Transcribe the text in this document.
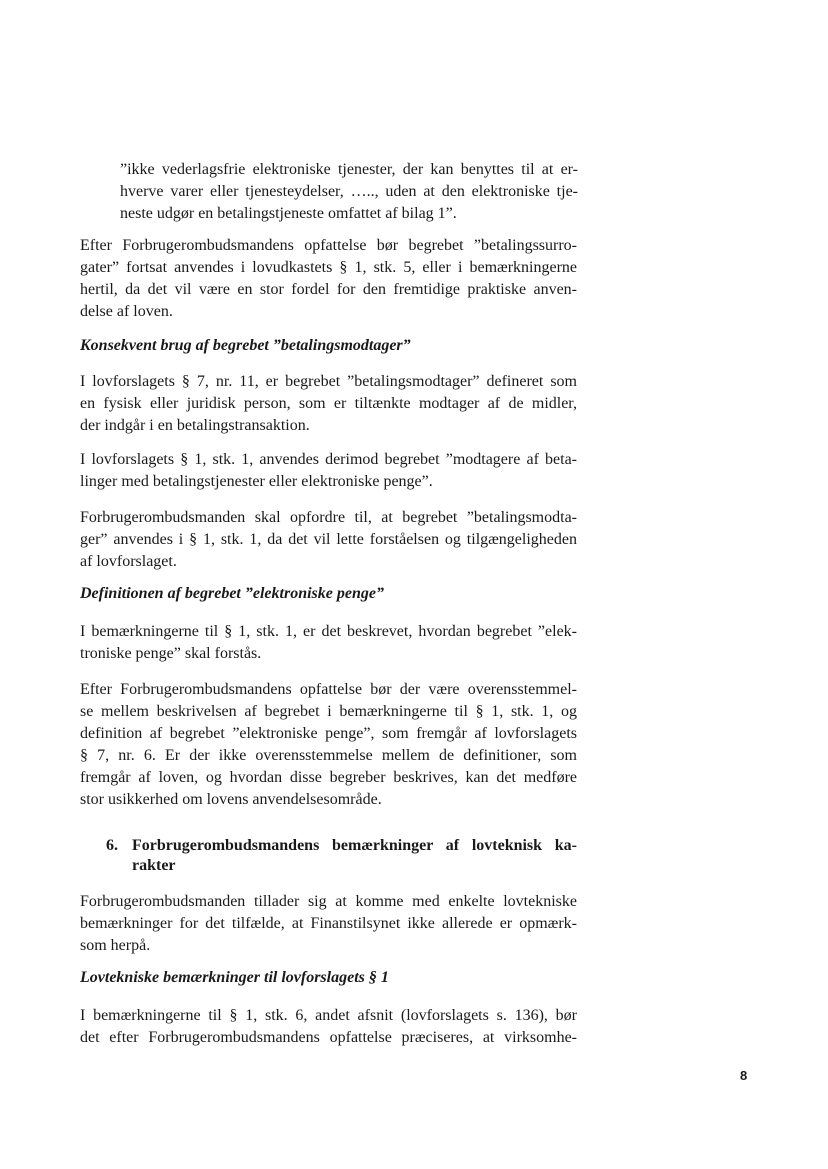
”ikke vederlagsfrie elektroniske tjenester, der kan benyttes til at er-
hverve varer eller tjenesteydelser, ….., uden at den elektroniske tje-
neste udgør en betalingstjeneste omfattet af bilag 1”.
Efter Forbrugerombudsmandens opfattelse bør begrebet ”betalingssurro-
gater” fortsat anvendes i lovudkastets § 1, stk. 5, eller i bemærkningerne
hertil, da det vil være en stor fordel for den fremtidige praktiske anven-
delse af loven.
Konsekvent brug af begrebet ”betalingsmodtager”
I lovforslagets § 7, nr. 11, er begrebet ”betalingsmodtager” defineret som
en fysisk eller juridisk person, som er tiltænkte modtager af de midler,
der indgår i en betalingstransaktion.
I lovforslagets § 1, stk. 1, anvendes derimod begrebet ”modtagere af beta-
linger med betalingstjenester eller elektroniske penge”.
Forbrugerombudsmanden skal opfordre til, at begrebet ”betalingsmodta-
ger” anvendes i § 1, stk. 1, da det vil lette forståelsen og tilgængeligheden
af lovforslaget.
Definitionen af begrebet ”elektroniske penge”
I bemærkningerne til § 1, stk. 1, er det beskrevet, hvordan begrebet ”elek-
troniske penge” skal forstås.
Efter Forbrugerombudsmandens opfattelse bør der være overensstemmel-
se mellem beskrivelsen af begrebet i bemærkningerne til § 1, stk. 1, og
definition af begrebet ”elektroniske penge”, som fremgår af lovforslagets
§ 7, nr. 6. Er der ikke overensstemmelse mellem de definitioner, som
fremgår af loven, og hvordan disse begreber beskrives, kan det medføre
stor usikkerhed om lovens anvendelsesområde.
6. Forbrugerombudsmandens bemærkninger af lovteknisk ka-
rakter
Forbrugerombudsmanden tillader sig at komme med enkelte lovtekniske
bemærkninger for det tilfælde, at Finanstilsynet ikke allerede er opmærk-
som herpå.
Lovtekniske bemærkninger til lovforslagets § 1
I bemærkningerne til § 1, stk. 6, andet afsnit (lovforslagets s. 136), bør
det efter Forbrugerombudsmandens opfattelse præciseres, at virksomhe-
8
